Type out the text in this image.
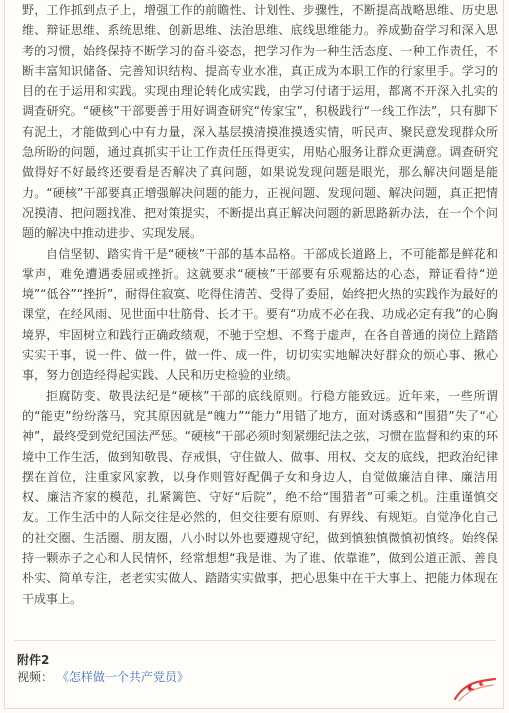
野，工作抓到点子上，增强工作的前瞻性、计划性、步骤性，不断提高战略思维、历史思维、辩证思维、系统思维、创新思维、法治思维、底线思维能力。养成勤奋学习和深入思考的习惯，始终保持不断学习的奋斗姿态，把学习作为一种生活态度、一种工作责任，不断丰富知识储备、完善知识结构、提高专业水准，真正成为本职工作的行家里手。学习的目的在于运用和实践。实现由理论转化成实践，由学习付诸于运用，都离不开深入扎实的调查研究。“硬核”干部要善于用好调查研究“传家宝”，积极践行“一线工作法”，只有脚下有泥土，才能做到心中有力量，深入基层摸清摸准摸透实情，听民声、聚民意发现群众所急所盼的问题，通过真抓实干让工作责任压得更实，用贴心服务让群众更满意。调查研究做得好不好最终还要看是否解决了真问题，如果说发现问题是眼光，那么解决问题是能力。“硬核”干部要真正增强解决问题的能力，正视问题、发现问题、解决问题，真正把情况摸清、把问题找准、把对策提实，不断提出真正解决问题的新思路新办法，在一个个问题的解决中推动进步、实现发展。

自信坚韧、踏实肯干是“硬核”干部的基本品格。干部成长道路上，不可能都是鲜花和掌声，难免遭遇委屈或挫折。这就要求“硬核”干部要有乐观豁达的心态，辩证看待“逆境”“低谷”“挫折”，耐得住寂寞、吃得住清苦、受得了委屈，始终把火热的实践作为最好的课堂，在经风雨、见世面中壮筋骨、长才干。要有“功成不必在我、功成必定有我”的心胸境界，牢固树立和践行正确政绩观，不驰于空想、不骛于虚声，在各自普通的岗位上踏踏实实干事，说一件、做一件，做一件、成一件，切切实实地解决好群众的烦心事、揪心事，努力创造经得起实践、人民和历史检验的业绩。

拒腐防变、敬畏法纪是“硬核”干部的底线原则。行稳方能致远。近年来，一些所谓的“能吏”纷纷落马，究其原因就是“魄力”“能力”用错了地方，面对诱惑和“围猎”失了“心神”，最终受到党纪国法严惩。“硬核”干部必须时刻紧绷纪法之弦，习惯在监督和约束的环境中工作生活，做到知敬畏、存戒惧，守住做人、做事、用权、交友的底线，把政治纪律摆在首位，注重家风家教，以身作则管好配偶子女和身边人，自觉做廉洁自律、廉洁用权、廉洁齐家的模范，扎紧篱笆、守好“后院”，绝不给“围猎者”可乘之机。注重谨慎交友。工作生活中的人际交往是必然的，但交往要有原则、有界线、有规矩。自觉净化自己的社交圈、生活圈、朋友圈，八小时以外也要遵规守纪，做到慎独慎微慎初慎终。始终保持一颗赤子之心和人民情怀，经常想想“我是谁、为了谁、依靠谁”，做到公道正派、善良朴实、简单专注，老老实实做人、踏踏实实做事，把心思集中在干大事上、把能力体现在干成事上。

附件2
视频： 《怎样做一个共产党员》
